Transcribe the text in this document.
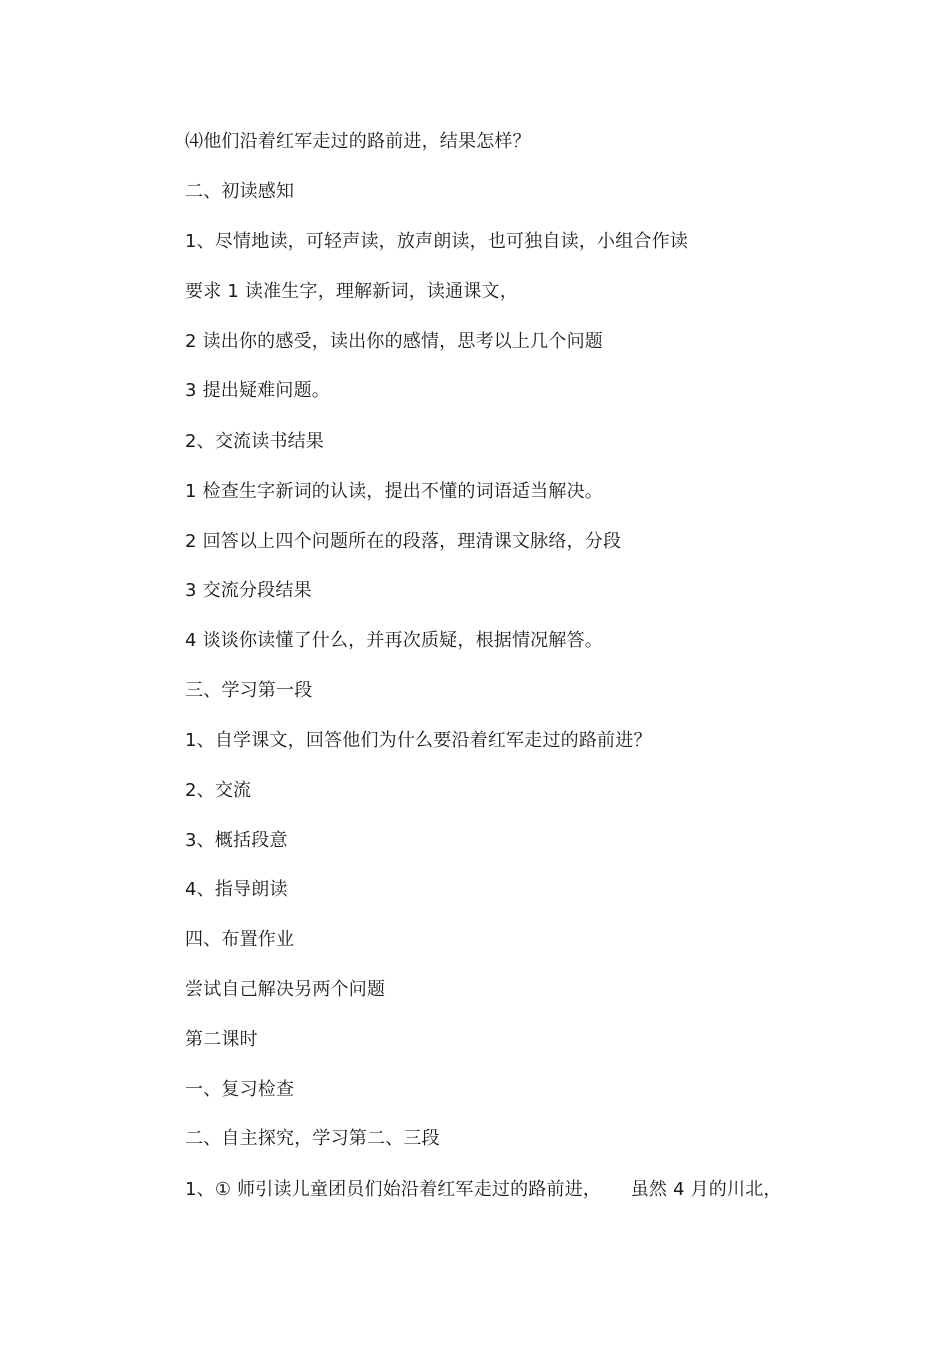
⑷他们沿着红军走过的路前进，结果怎样？
二、初读感知
1、尽情地读，可轻声读，放声朗读，也可独自读，小组合作读
要求 1 读准生字，理解新词，读通课文，
2 读出你的感受，读出你的感情，思考以上几个问题
3 提出疑难问题。
2、交流读书结果
1 检查生字新词的认读，提出不懂的词语适当解决。
2 回答以上四个问题所在的段落，理清课文脉络，分段
3 交流分段结果
4 谈谈你读懂了什么，并再次质疑，根据情况解答。
三、学习第一段
1、自学课文，回答他们为什么要沿着红军走过的路前进？
2、交流
3、概括段意
4、指导朗读
四、布置作业
尝试自己解决另两个问题
第二课时
一、复习检查
二、自主探究，学习第二、三段
1、① 师引读儿童团员们始沿着红军走过的路前进，     虽然 4 月的川北，
